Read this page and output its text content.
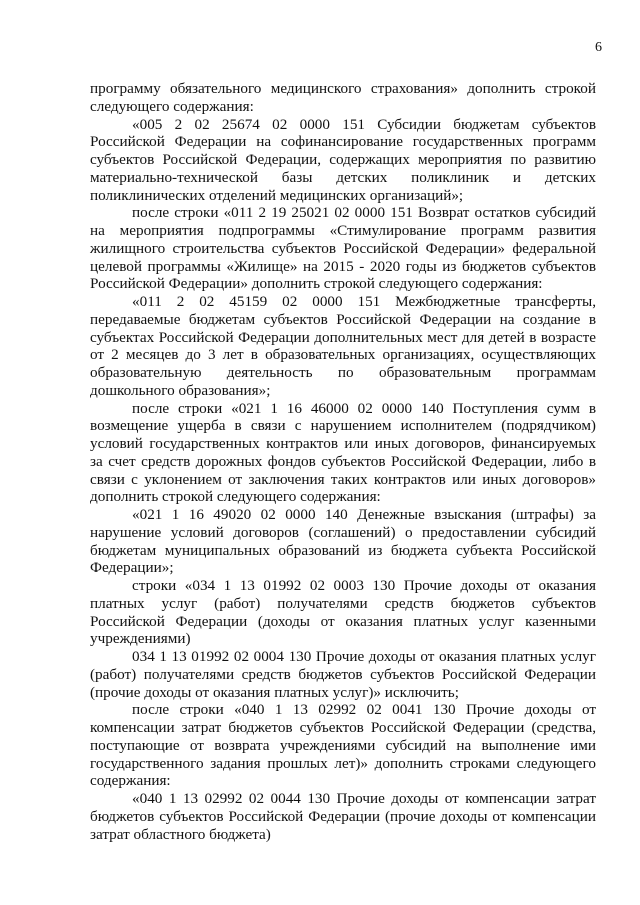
6

программу обязательного медицинского страхования» дополнить строкой следующего содержания:

«005 2 02 25674 02 0000 151 Субсидии бюджетам субъектов Российской Федерации на софинансирование государственных программ субъектов Российской Федерации, содержащих мероприятия по развитию материально-технической базы детских поликлиник и детских поликлинических отделений медицинских организаций»;

после строки «011 2 19 25021 02 0000 151 Возврат остатков субсидий на мероприятия подпрограммы «Стимулирование программ развития жилищного строительства субъектов Российской Федерации» федеральной целевой программы «Жилище» на 2015 - 2020 годы из бюджетов субъектов Российской Федерации» дополнить строкой следующего содержания:

«011 2 02 45159 02 0000 151 Межбюджетные трансферты, передаваемые бюджетам субъектов Российской Федерации на создание в субъектах Российской Федерации дополнительных мест для детей в возрасте от 2 месяцев до 3 лет в образовательных организациях, осуществляющих образовательную деятельность по образовательным программам дошкольного образования»;

после строки «021 1 16 46000 02 0000 140 Поступления сумм в возмещение ущерба в связи с нарушением исполнителем (подрядчиком) условий государственных контрактов или иных договоров, финансируемых за счет средств дорожных фондов субъектов Российской Федерации, либо в связи с уклонением от заключения таких контрактов или иных договоров» дополнить строкой следующего содержания:

«021 1 16 49020 02 0000 140 Денежные взыскания (штрафы) за нарушение условий договоров (соглашений) о предоставлении субсидий бюджетам муниципальных образований из бюджета субъекта Российской Федерации»;

строки «034 1 13 01992 02 0003 130 Прочие доходы от оказания платных услуг (работ) получателями средств бюджетов субъектов Российской Федерации (доходы от оказания платных услуг казенными учреждениями)

034 1 13 01992 02 0004 130 Прочие доходы от оказания платных услуг (работ) получателями средств бюджетов субъектов Российской Федерации (прочие доходы от оказания платных услуг)» исключить;

после строки «040 1 13 02992 02 0041 130 Прочие доходы от компенсации затрат бюджетов субъектов Российской Федерации (средства, поступающие от возврата учреждениями субсидий на выполнение ими государственного задания прошлых лет)» дополнить строками следующего содержания:

«040 1 13 02992 02 0044 130 Прочие доходы от компенсации затрат бюджетов субъектов Российской Федерации (прочие доходы от компенсации затрат областного бюджета)
